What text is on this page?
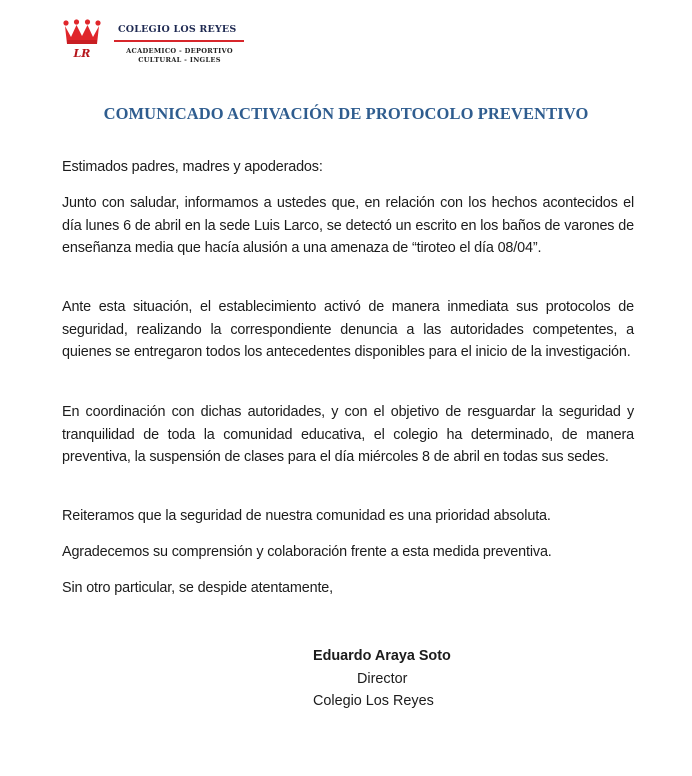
LR
COLEGIO LOS REYES
ACADEMICO - DEPORTIVO
CULTURAL - INGLES
COMUNICADO ACTIVACIÓN DE PROTOCOLO PREVENTIVO

Estimados padres, madres y apoderados:

Junto con saludar, informamos a ustedes que, en relación con los hechos acontecidos el día lunes 6 de abril en la sede Luis Larco, se detectó un escrito en los baños de varones de enseñanza media que hacía alusión a una amenaza de “tiroteo el día 08/04”.

Ante esta situación, el establecimiento activó de manera inmediata sus protocolos de seguridad, realizando la correspondiente denuncia a las autoridades competentes, a quienes se entregaron todos los antecedentes disponibles para el inicio de la investigación.

En coordinación con dichas autoridades, y con el objetivo de resguardar la seguridad y tranquilidad de toda la comunidad educativa, el colegio ha determinado, de manera preventiva, la suspensión de clases para el día miércoles 8 de abril en todas sus sedes.

Reiteramos que la seguridad de nuestra comunidad es una prioridad absoluta.

Agradecemos su comprensión y colaboración frente a esta medida preventiva.

Sin otro particular, se despide atentamente,

Eduardo Araya Soto
Director
Colegio Los Reyes
